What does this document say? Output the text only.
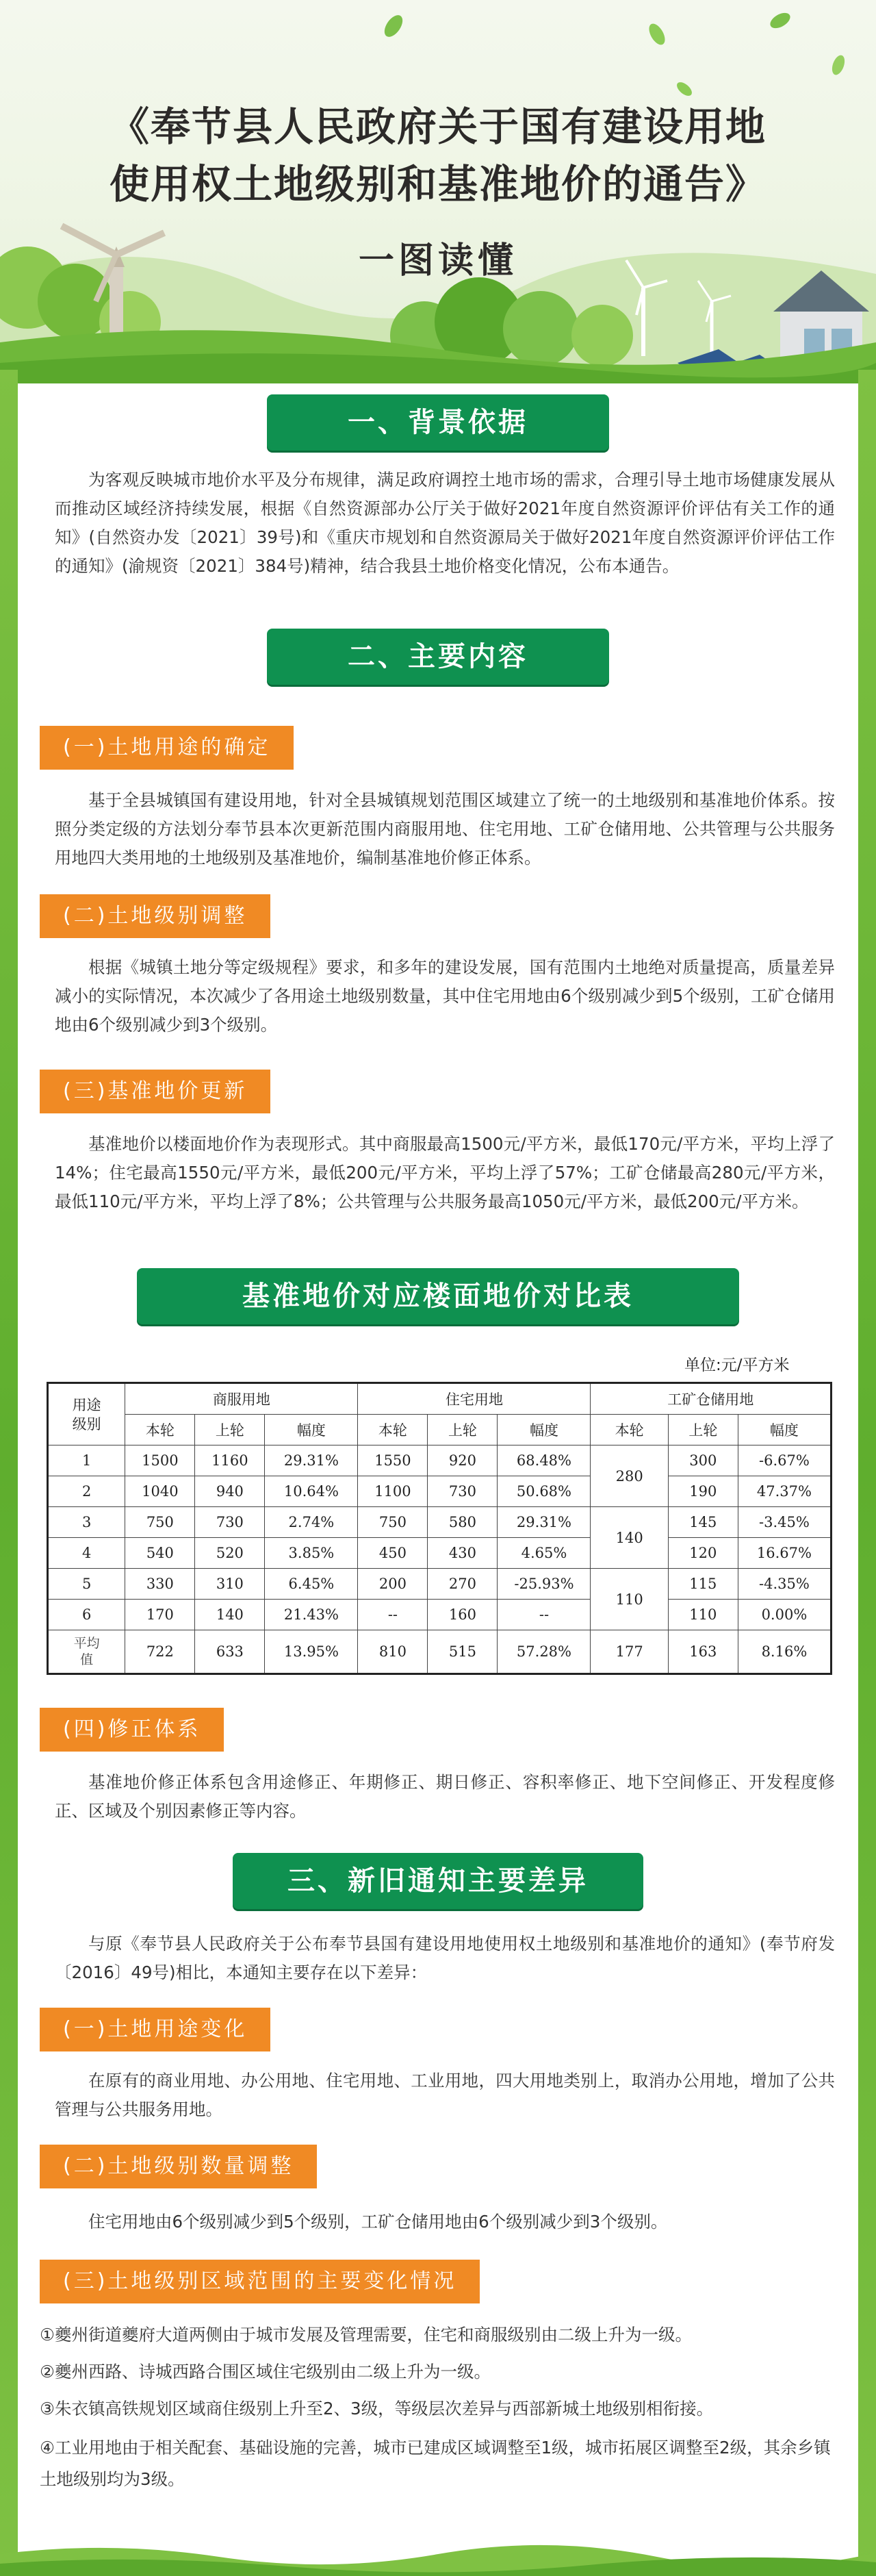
《奉节县人民政府关于国有建设用地
使用权土地级别和基准地价的通告》
一图读懂
一、背景依据
为客观反映城市地价水平及分布规律，满足政府调控土地市场的需求，合理引导土地市场健康发展从而推动区域经济持续发展，根据《自然资源部办公厅关于做好2021年度自然资源评价评估有关工作的通知》(自然资办发〔2021〕39号)和《重庆市规划和自然资源局关于做好2021年度自然资源评价评估工作的通知》(渝规资〔2021〕384号)精神，结合我县土地价格变化情况，公布本通告。
二、主要内容
(一)土地用途的确定
基于全县城镇国有建设用地，针对全县城镇规划范围区域建立了统一的土地级别和基准地价体系。按照分类定级的方法划分奉节县本次更新范围内商服用地、住宅用地、工矿仓储用地、公共管理与公共服务用地四大类用地的土地级别及基准地价，编制基准地价修正体系。
(二)土地级别调整
根据《城镇土地分等定级规程》要求，和多年的建设发展，国有范围内土地绝对质量提高，质量差异减小的实际情况，本次减少了各用途土地级别数量，其中住宅用地由6个级别减少到5个级别，工矿仓储用地由6个级别减少到3个级别。
(三)基准地价更新
基准地价以楼面地价作为表现形式。其中商服最高1500元/平方米，最低170元/平方米，平均上浮了14%；住宅最高1550元/平方米，最低200元/平方米，平均上浮了57%；工矿仓储最高280元/平方米，最低110元/平方米，平均上浮了8%；公共管理与公共服务最高1050元/平方米，最低200元/平方米。
基准地价对应楼面地价对比表
单位:元/平方米
用途
级别	商服用地			住宅用地			工矿仓储用地		
	本轮	上轮	幅度	本轮	上轮	幅度	本轮	上轮	幅度
1	1500	1160	29.31%	1550	920	68.48%	280	300	-6.67%
2	1040	940	10.64%	1100	730	50.68%		190	47.37%
3	750	730	2.74%	750	580	29.31%	140	145	-3.45%
4	540	520	3.85%	450	430	4.65%		120	16.67%
5	330	310	6.45%	200	270	-25.93%	110	115	-4.35%
6	170	140	21.43%	--	160	--		110	0.00%

平均
值	722	633	13.95%	810	515	57.28%	177	163	8.16%
(四)修正体系
基准地价修正体系包含用途修正、年期修正、期日修正、容积率修正、地下空间修正、开发程度修正、区域及个别因素修正等内容。
三、新旧通知主要差异
与原《奉节县人民政府关于公布奉节县国有建设用地使用权土地级别和基准地价的通知》(奉节府发〔2016〕49号)相比，本通知主要存在以下差异：
(一)土地用途变化
在原有的商业用地、办公用地、住宅用地、工业用地，四大用地类别上，取消办公用地，增加了公共管理与公共服务用地。
(二)土地级别数量调整
住宅用地由6个级别减少到5个级别，工矿仓储用地由6个级别减少到3个级别。
(三)土地级别区域范围的主要变化情况
①夔州街道夔府大道两侧由于城市发展及管理需要，住宅和商服级别由二级上升为一级。
②夔州西路、诗城西路合围区域住宅级别由二级上升为一级。
③朱衣镇高铁规划区域商住级别上升至2、3级，等级层次差异与西部新城土地级别相衔接。
④工业用地由于相关配套、基础设施的完善，城市已建成区域调整至1级，城市拓展区调整至2级，其余乡镇土地级别均为3级。
